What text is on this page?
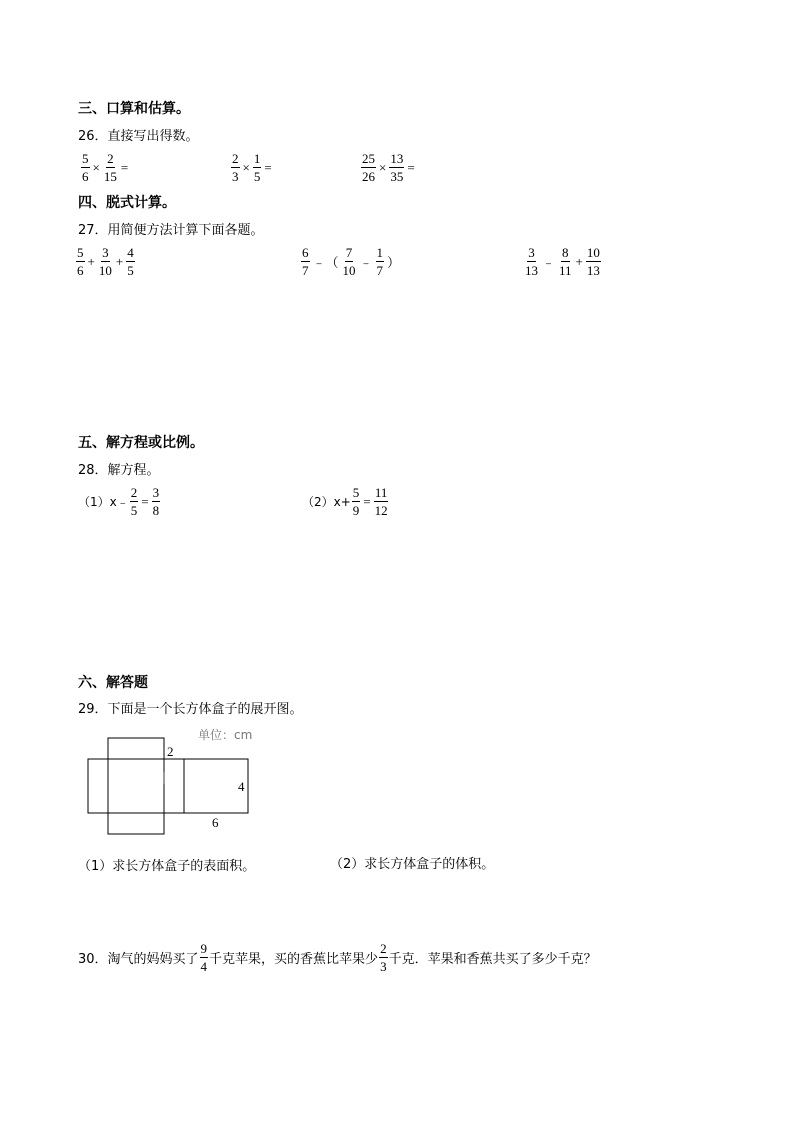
三、口算和估算。
26．直接写出得数。
$\frac{5}{6} \times \frac{2}{15}$ =	$\frac{2}{3} \times \frac{1}{5}$ =	$\frac{25}{26} \times \frac{13}{35}$ =
四、脱式计算。
27．用简便方法计算下面各题。
$\frac{5}{6} + \frac{3}{10} + \frac{4}{5}$	$\frac{6}{7}$ ﹣（ $\frac{7}{10}$ ﹣ $\frac{1}{7}$ ）	$\frac{3}{13}$ ﹣ $\frac{8}{11} + \frac{10}{13}$
五、解方程或比例。
28．解方程。
（1）x﹣ $\frac{2}{5} = \frac{3}{8}$	$(2)x+ \frac{5}{9} = \frac{11}{12}$
六、解答题
29．下面是一个长方体盒子的展开图。
单位：cm
2
4
6
（1）求长方体盒子的表面积。	（2）求长方体盒子的体积。
30．淘气的妈妈买了 $\frac{9}{4}$ 千克苹果，买的香蕉比苹果少 $\frac{2}{3}$ 千克．苹果和香蕉共买了多少千克？
